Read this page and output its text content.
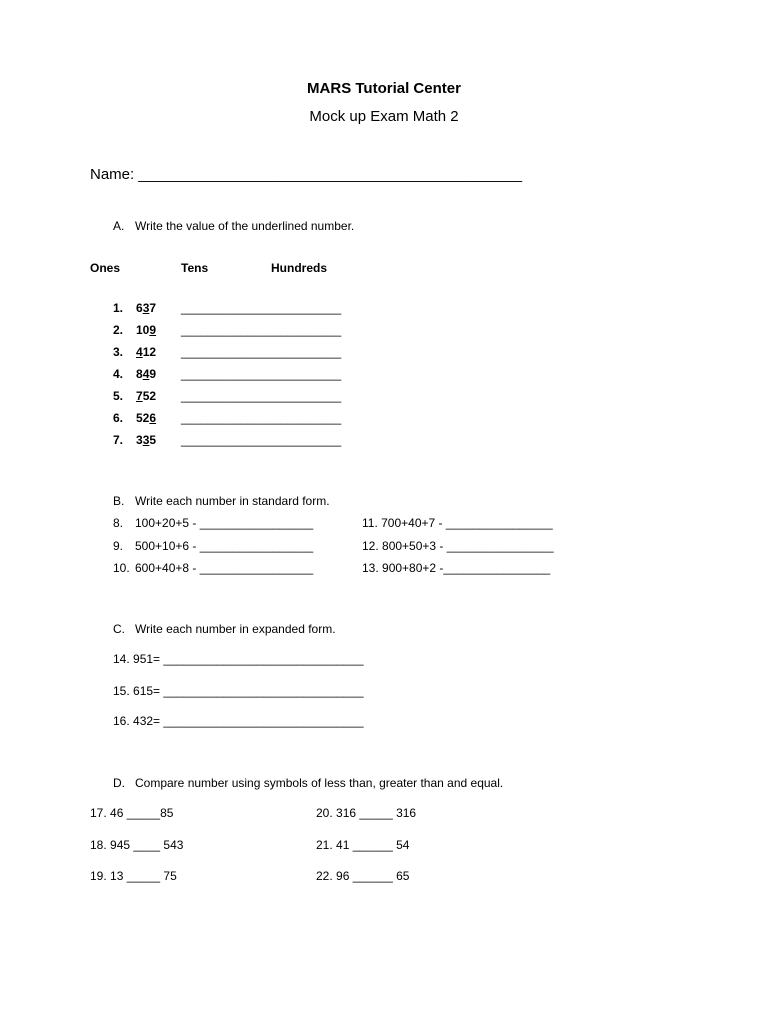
MARS Tutorial Center
Mock up Exam Math 2
Name: ______________________________________________
A. Write the value of the underlined number.
Ones	Tens	Hundreds
1. 637 ________________________
2. 109 ________________________
3. 412 ________________________
4. 849 ________________________
5. 752 ________________________
6. 526 ________________________
7. 335 ________________________
B. Write each number in standard form.
8. 100+20+5 - _________________
9. 500+10+6 - _________________
10. 600+40+8 - _________________
11. 700+40+7 - ________________
12. 800+50+3 - ________________
13. 900+80+2 -________________
C. Write each number in expanded form.
14. 951= ______________________________
15. 615= ______________________________
16. 432= ______________________________
D. Compare number using symbols of less than, greater than and equal.
17. 46 _____85
18. 945 ____ 543
19. 13 _____ 75
20. 316 _____ 316
21. 41 ______ 54
22. 96 ______ 65
